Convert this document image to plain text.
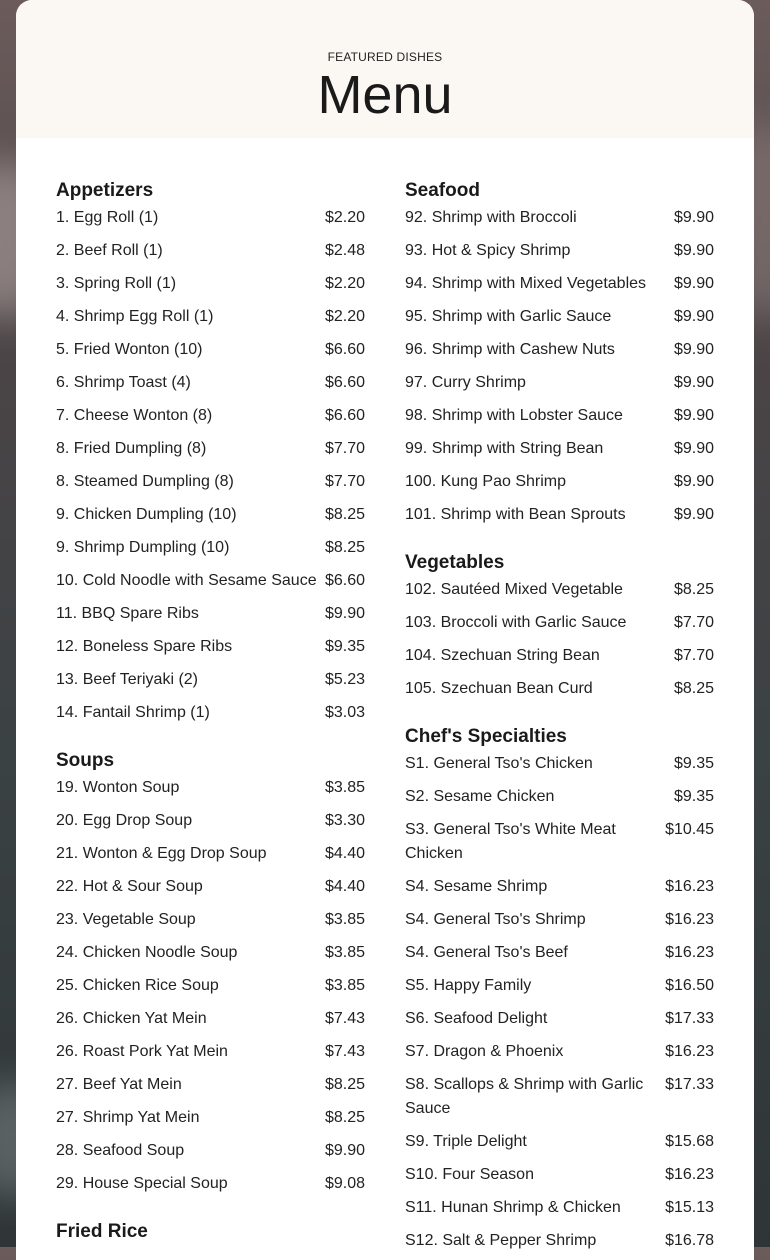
FEATURED DISHES
Menu
Appetizers
1. Egg Roll (1)	$2.20
2. Beef Roll (1)	$2.48
3. Spring Roll (1)	$2.20
4. Shrimp Egg Roll (1)	$2.20
5. Fried Wonton (10)	$6.60
6. Shrimp Toast (4)	$6.60
7. Cheese Wonton (8)	$6.60
8. Fried Dumpling (8)	$7.70
8. Steamed Dumpling (8)	$7.70
9. Chicken Dumpling (10)	$8.25
9. Shrimp Dumpling (10)	$8.25
10. Cold Noodle with Sesame Sauce $6.60
11. BBQ Spare Ribs	$9.90
12. Boneless Spare Ribs	$9.35
13. Beef Teriyaki (2)	$5.23
14. Fantail Shrimp (1)	$3.03
Soups
19. Wonton Soup	$3.85
20. Egg Drop Soup	$3.30
21. Wonton & Egg Drop Soup	$4.40
22. Hot & Sour Soup	$4.40
23. Vegetable Soup	$3.85
24. Chicken Noodle Soup	$3.85
25. Chicken Rice Soup	$3.85
26. Chicken Yat Mein	$7.43
26. Roast Pork Yat Mein	$7.43
27. Beef Yat Mein	$8.25
27. Shrimp Yat Mein	$8.25
28. Seafood Soup	$9.90
29. House Special Soup	$9.08
Fried Rice
Seafood
92. Shrimp with Broccoli	$9.90
93. Hot & Spicy Shrimp	$9.90
94. Shrimp with Mixed Vegetables	$9.90
95. Shrimp with Garlic Sauce	$9.90
96. Shrimp with Cashew Nuts	$9.90
97. Curry Shrimp	$9.90
98. Shrimp with Lobster Sauce	$9.90
99. Shrimp with String Bean	$9.90
100. Kung Pao Shrimp	$9.90
101. Shrimp with Bean Sprouts	$9.90
Vegetables
102. Sautéed Mixed Vegetable	$8.25
103. Broccoli with Garlic Sauce	$7.70
104. Szechuan String Bean	$7.70
105. Szechuan Bean Curd	$8.25
Chef's Specialties
S1. General Tso's Chicken	$9.35
S2. Sesame Chicken	$9.35
S3. General Tso's White Meat Chicken
$10.45
S4. Sesame Shrimp	$16.23
S4. General Tso's Shrimp	$16.23
S4. General Tso's Beef	$16.23
S5. Happy Family	$16.50
S6. Seafood Delight	$17.33
S7. Dragon & Phoenix	$16.23
S8. Scallops & Shrimp with Garlic Sauce
$17.33
S9. Triple Delight	$15.68
S10. Four Season	$16.23
S11. Hunan Shrimp & Chicken	$15.13
S12. Salt & Pepper Shrimp	$16.78
